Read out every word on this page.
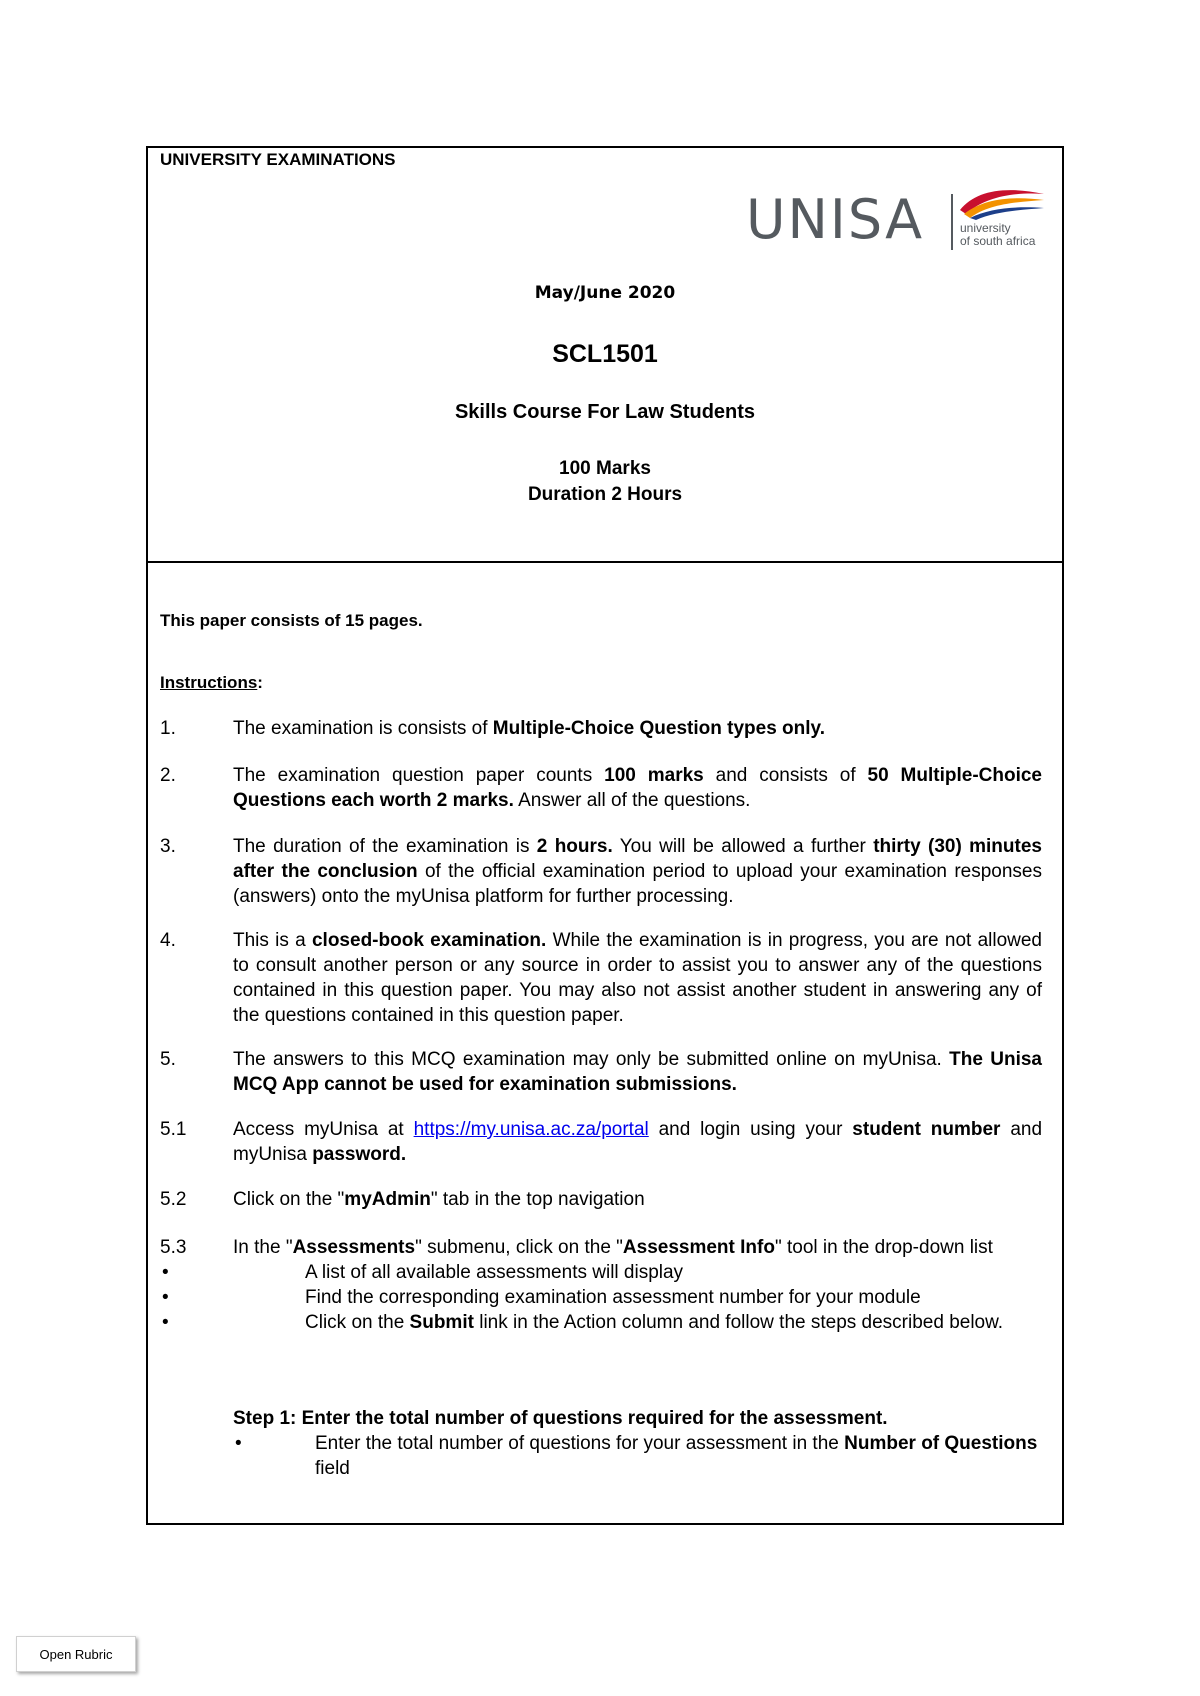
UNIVERSITY EXAMINATIONS
UNISA	university
of south africa
May/June 2020
SCL1501
Skills Course For Law Students
100 Marks
Duration 2 Hours
This paper consists of 15 pages.
Instructions:
1.	The examination is consists of Multiple-Choice Question types only.
2.	The examination question paper counts 100 marks and consists of 50 Multiple-Choice Questions each worth 2 marks. Answer all of the questions.
3.	The duration of the examination is 2 hours. You will be allowed a further thirty (30) minutes after the conclusion of the official examination period to upload your examination responses (answers) onto the myUnisa platform for further processing.
4.	This is a closed-book examination. While the examination is in progress, you are not allowed to consult another person or any source in order to assist you to answer any of the questions contained in this question paper. You may also not assist another student in answering any of the questions contained in this question paper.
5.	The answers to this MCQ examination may only be submitted online on myUnisa. The Unisa MCQ App cannot be used for examination submissions.
5.1 Access myUnisa at https://my.unisa.ac.za/portal and login using your student number and myUnisa password.
5.2 Click on the "myAdmin" tab in the top navigation
5.3 In the "Assessments" submenu, click on the "Assessment Info" tool in the drop-down list
• A list of all available assessments will display
• Find the corresponding examination assessment number for your module
• Click on the Submit link in the Action column and follow the steps described below.
Step 1: Enter the total number of questions required for the assessment.
• Enter the total number of questions for your assessment in the Number of Questions field
Open Rubric
